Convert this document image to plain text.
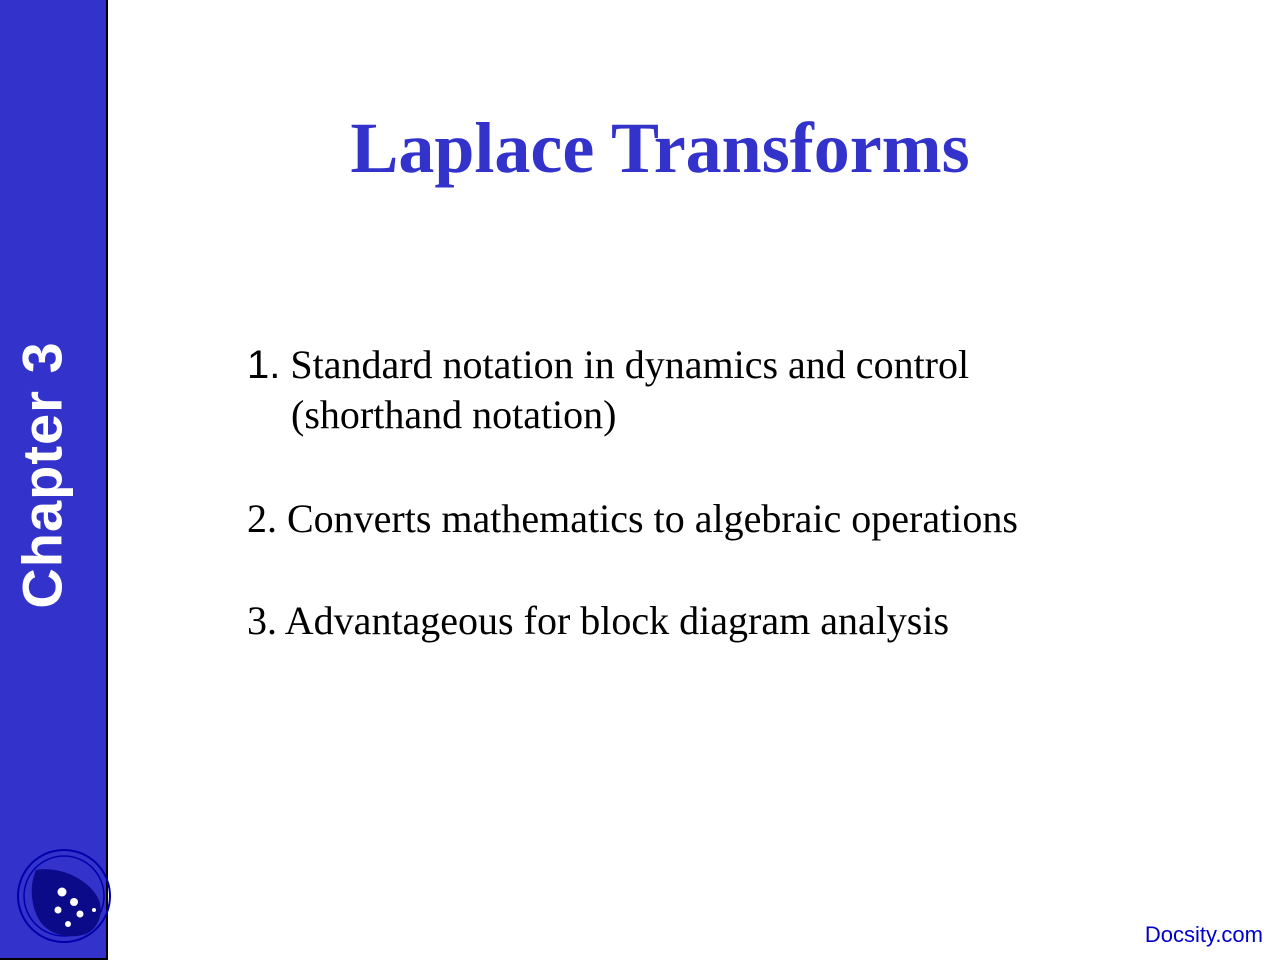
Chapter 3
Laplace Transforms
1. Standard notation in dynamics and control
(shorthand notation)
2. Converts mathematics to algebraic operations
3. Advantageous for block diagram analysis
Docsity.com
